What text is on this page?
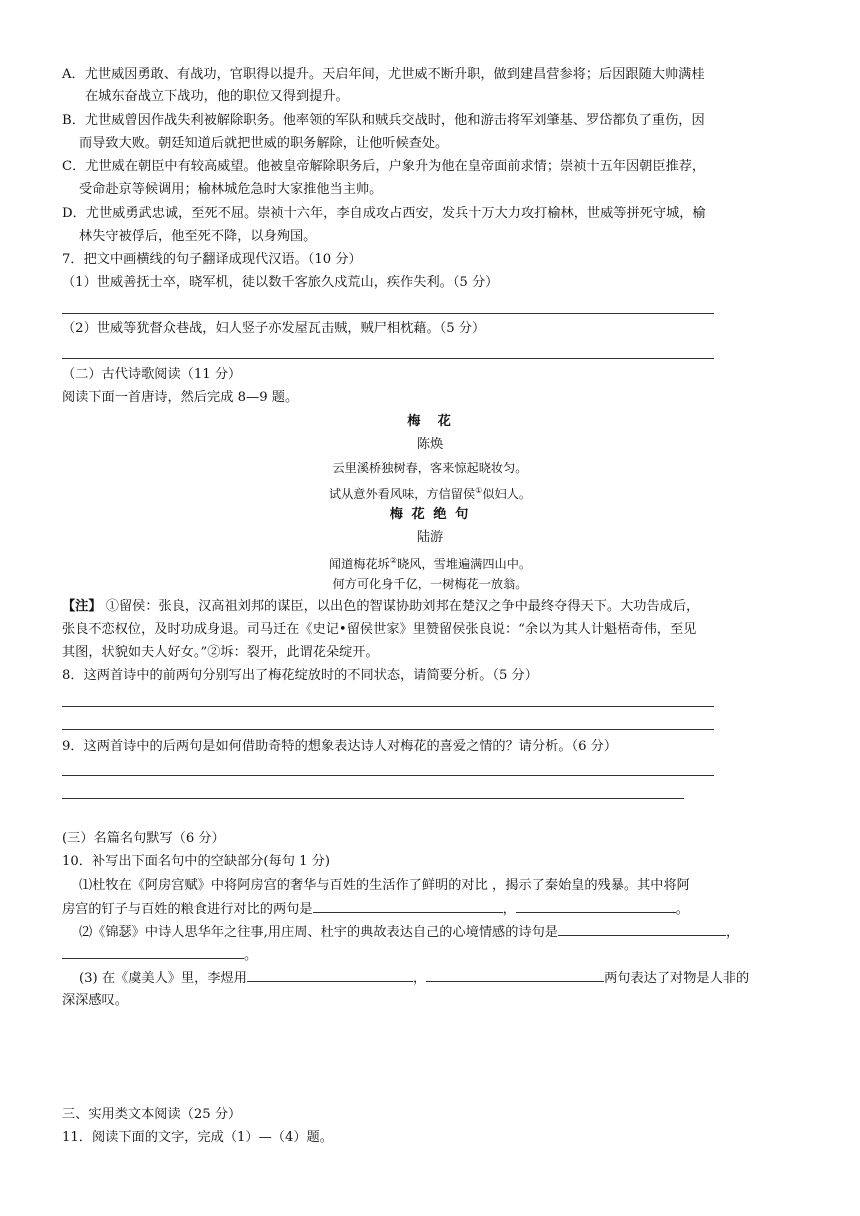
A．尤世威因勇敢、有战功，官职得以提升。天启年间，尤世威不断升职，做到建昌营参将；后因跟随大帅满桂
在城东奋战立下战功，他的职位又得到提升。
B．尤世威曾因作战失利被解除职务。他率领的军队和贼兵交战时，他和游击将军刘肇基、罗岱都负了重伤，因
而导致大败。朝廷知道后就把世威的职务解除，让他听候查处。
C．尤世威在朝臣中有较高威望。他被皇帝解除职务后，户象升为他在皇帝面前求情；崇祯十五年因朝臣推荐，
受命赴京等候调用；榆林城危急时大家推他当主帅。
D．尤世威勇武忠诚，至死不屈。崇祯十六年，李自成攻占西安，发兵十万大力攻打榆林，世威等拼死守城，榆
林失守被俘后，他至死不降，以身殉国。
7．把文中画横线的句子翻译成现代汉语。（10 分）
（1）世威善抚士卒，晓军机，徒以数千客旅久戍荒山，疾作失利。（5 分）
（2）世威等犹督众巷战，妇人竖子亦发屋瓦击贼，贼尸相枕藉。（5 分）
（二）古代诗歌阅读（11 分）
阅读下面一首唐诗，然后完成 8—9 题。
梅　花
陈焕
云里溪桥独树春，客来惊起晓妆匀。
试从意外看风味，方信留侯①似妇人。
梅 花 绝 句
陆游
闻道梅花坼②晓风，雪堆遍满四山中。
何方可化身千亿，一树梅花一放翁。
【注】 ①留侯：张良，汉高祖刘邦的谋臣，以出色的智谋协助刘邦在楚汉之争中最终夺得天下。大功告成后，
张良不恋权位，及时功成身退。司马迁在《史记•留侯世家》里赞留侯张良说：“余以为其人计魁梧奇伟，至见
其图，状貌如夫人好女。”②坼：裂开，此谓花朵绽开。
8．这两首诗中的前两句分别写出了梅花绽放时的不同状态，请简要分析。（5 分）
9．这两首诗中的后两句是如何借助奇特的想象表达诗人对梅花的喜爱之情的？请分析。（6 分）
(三）名篇名句默写（6 分）
10．补写出下面名句中的空缺部分(每句 1 分)
⑴杜牧在《阿房宫赋》中将阿房宫的奢华与百姓的生活作了鲜明的对比 ，揭示了秦始皇的残暴。其中将阿
房宫的钉子与百姓的粮食进行对比的两句是	，	。
⑵《锦瑟》中诗人思华年之往事,用庄周、杜宇的典故表达自己的心境情感的诗句是	，
。
(3) 在《虞美人》里，李煜用	，	两句表达了对物是人非的
深深感叹。
三、实用类文本阅读（25 分）
11．阅读下面的文字，完成（1）—（4）题。
